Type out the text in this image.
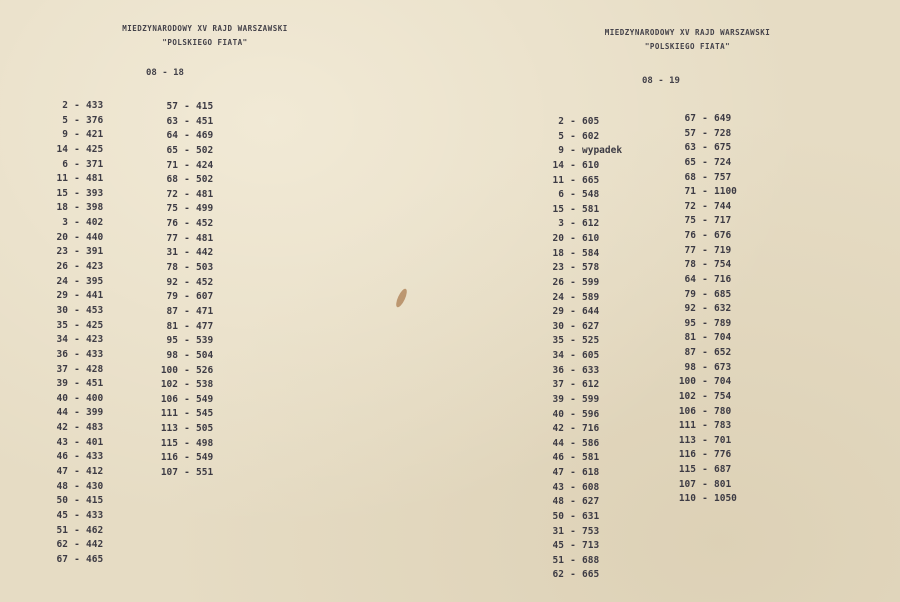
MIEDZYNARODOWY XV RAJD WARSZAWSKI
"POLSKIEGO FIATA"
08 - 18
2 - 433
5 - 376
9 - 421
14 - 425
6 - 371
11 - 481
15 - 393
18 - 398
3 - 402
20 - 440
23 - 391
26 - 423
24 - 395
29 - 441
30 - 453
35 - 425
34 - 423
36 - 433
37 - 428
39 - 451
40 - 400
44 - 399
42 - 483
43 - 401
46 - 433
47 - 412
48 - 430
50 - 415
45 - 433
51 - 462
62 - 442
67 - 465
57 - 415
63 - 451
64 - 469
65 - 502
71 - 424
68 - 502
72 - 481
75 - 499
76 - 452
77 - 481
31 - 442
78 - 503
92 - 452
79 - 607
87 - 471
81 - 477
95 - 539
98 - 504
100 - 526
102 - 538
106 - 549
111 - 545
113 - 505
115 - 498
116 - 549
107 - 551
MIEDZYNARODOWY XV RAJD WARSZAWSKI
"POLSKIEGO FIATA"
08 - 19
2 - 605
5 - 602
9 - wypadek
14 - 610
11 - 665
6 - 548
15 - 581
3 - 612
20 - 610
18 - 584
23 - 578
26 - 599
24 - 589
29 - 644
30 - 627
35 - 525
34 - 605
36 - 633
37 - 612
39 - 599
40 - 596
42 - 716
44 - 586
46 - 581
47 - 618
43 - 608
48 - 627
50 - 631
31 - 753
45 - 713
51 - 688
62 - 665
67 - 649
57 - 728
63 - 675
65 - 724
68 - 757
71 - 1100
72 - 744
75 - 717
76 - 676
77 - 719
78 - 754
64 - 716
79 - 685
92 - 632
95 - 789
81 - 704
87 - 652
98 - 673
100 - 704
102 - 754
106 - 780
111 - 783
113 - 701
116 - 776
115 - 687
107 - 801
110 - 1050
